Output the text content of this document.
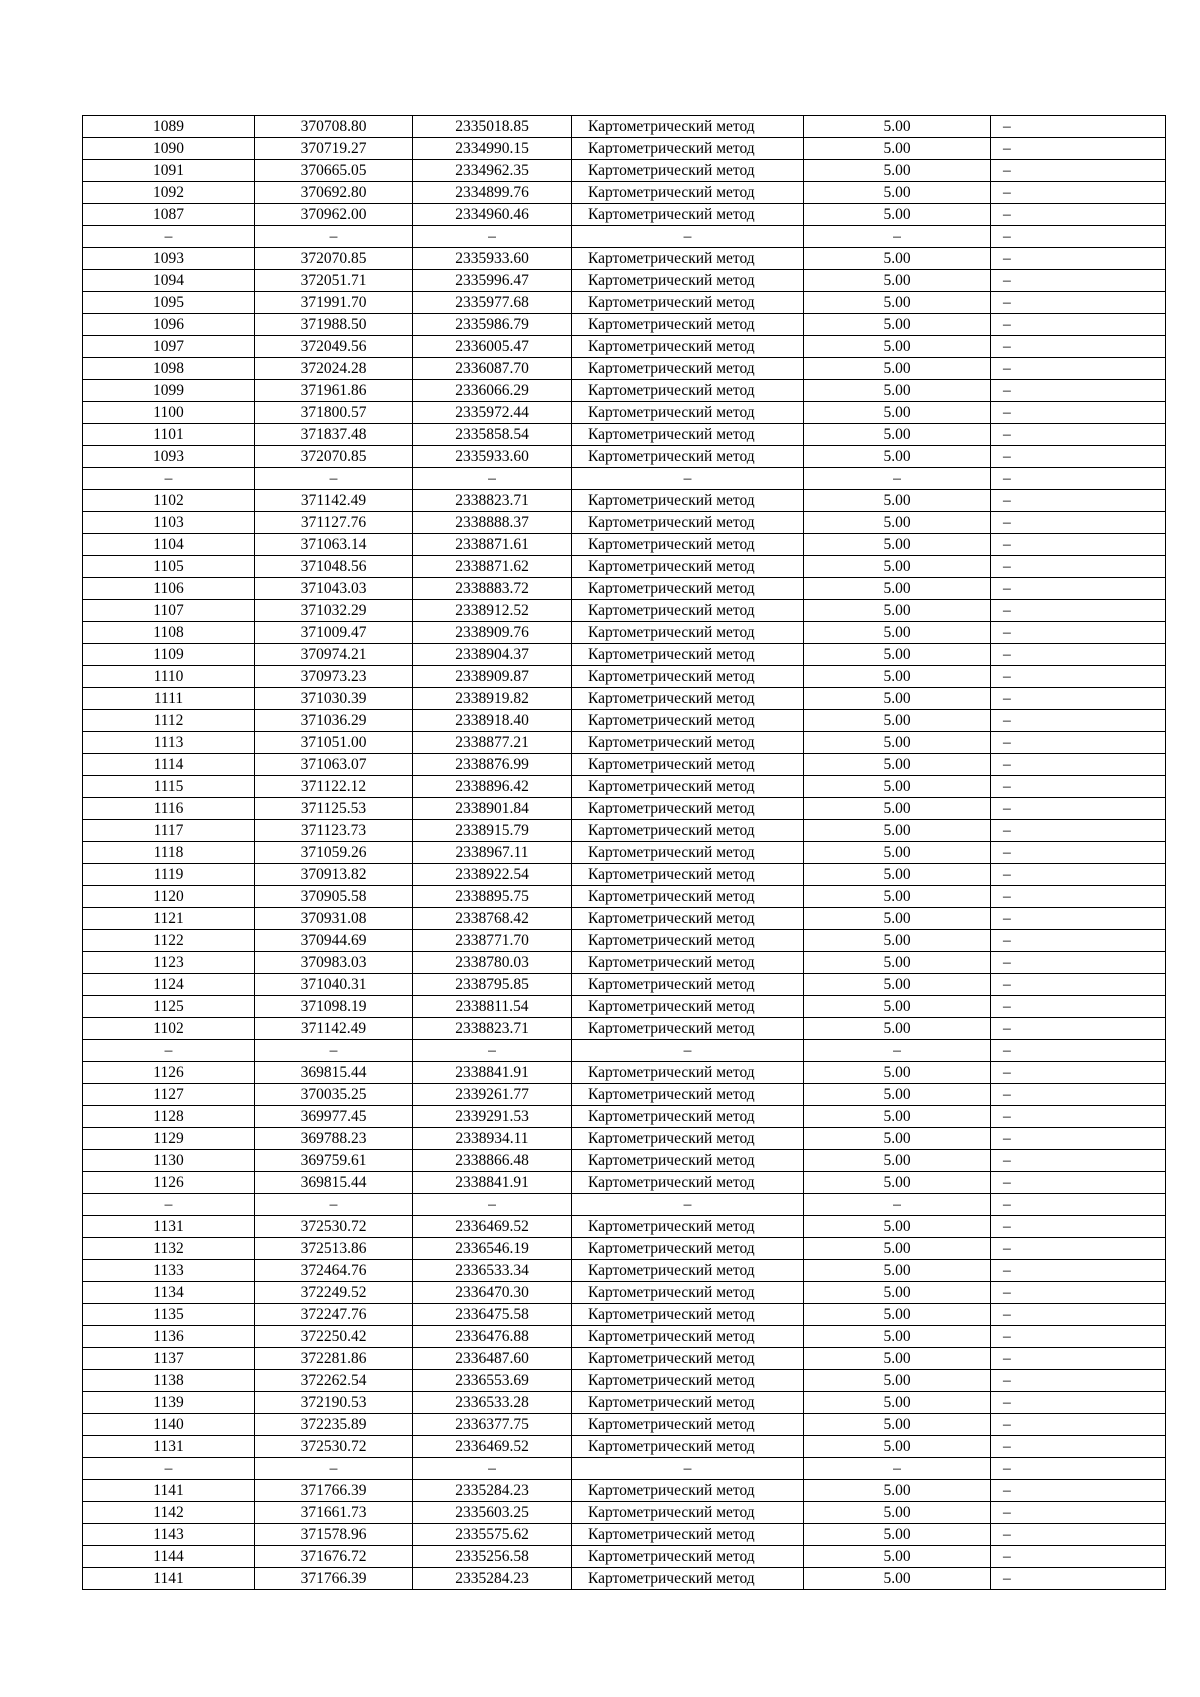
1089	370708.80	2335018.85	Картометрический метод	5.00	–
1090	370719.27	2334990.15	Картометрический метод	5.00	–
1091	370665.05	2334962.35	Картометрический метод	5.00	–
1092	370692.80	2334899.76	Картометрический метод	5.00	–
1087	370962.00	2334960.46	Картометрический метод	5.00	–
–	–	–	–	–	–
1093	372070.85	2335933.60	Картометрический метод	5.00	–
1094	372051.71	2335996.47	Картометрический метод	5.00	–
1095	371991.70	2335977.68	Картометрический метод	5.00	–
1096	371988.50	2335986.79	Картометрический метод	5.00	–
1097	372049.56	2336005.47	Картометрический метод	5.00	–
1098	372024.28	2336087.70	Картометрический метод	5.00	–
1099	371961.86	2336066.29	Картометрический метод	5.00	–
1100	371800.57	2335972.44	Картометрический метод	5.00	–
1101	371837.48	2335858.54	Картометрический метод	5.00	–
1093	372070.85	2335933.60	Картометрический метод	5.00	–
–	–	–	–	–	–
1102	371142.49	2338823.71	Картометрический метод	5.00	–
1103	371127.76	2338888.37	Картометрический метод	5.00	–
1104	371063.14	2338871.61	Картометрический метод	5.00	–
1105	371048.56	2338871.62	Картометрический метод	5.00	–
1106	371043.03	2338883.72	Картометрический метод	5.00	–
1107	371032.29	2338912.52	Картометрический метод	5.00	–
1108	371009.47	2338909.76	Картометрический метод	5.00	–
1109	370974.21	2338904.37	Картометрический метод	5.00	–
1110	370973.23	2338909.87	Картометрический метод	5.00	–
1111	371030.39	2338919.82	Картометрический метод	5.00	–
1112	371036.29	2338918.40	Картометрический метод	5.00	–
1113	371051.00	2338877.21	Картометрический метод	5.00	–
1114	371063.07	2338876.99	Картометрический метод	5.00	–
1115	371122.12	2338896.42	Картометрический метод	5.00	–
1116	371125.53	2338901.84	Картометрический метод	5.00	–
1117	371123.73	2338915.79	Картометрический метод	5.00	–
1118	371059.26	2338967.11	Картометрический метод	5.00	–
1119	370913.82	2338922.54	Картометрический метод	5.00	–
1120	370905.58	2338895.75	Картометрический метод	5.00	–
1121	370931.08	2338768.42	Картометрический метод	5.00	–
1122	370944.69	2338771.70	Картометрический метод	5.00	–
1123	370983.03	2338780.03	Картометрический метод	5.00	–
1124	371040.31	2338795.85	Картометрический метод	5.00	–
1125	371098.19	2338811.54	Картометрический метод	5.00	–
1102	371142.49	2338823.71	Картометрический метод	5.00	–
–	–	–	–	–	–
1126	369815.44	2338841.91	Картометрический метод	5.00	–
1127	370035.25	2339261.77	Картометрический метод	5.00	–
1128	369977.45	2339291.53	Картометрический метод	5.00	–
1129	369788.23	2338934.11	Картометрический метод	5.00	–
1130	369759.61	2338866.48	Картометрический метод	5.00	–
1126	369815.44	2338841.91	Картометрический метод	5.00	–
–	–	–	–	–	–
1131	372530.72	2336469.52	Картометрический метод	5.00	–
1132	372513.86	2336546.19	Картометрический метод	5.00	–
1133	372464.76	2336533.34	Картометрический метод	5.00	–
1134	372249.52	2336470.30	Картометрический метод	5.00	–
1135	372247.76	2336475.58	Картометрический метод	5.00	–
1136	372250.42	2336476.88	Картометрический метод	5.00	–
1137	372281.86	2336487.60	Картометрический метод	5.00	–
1138	372262.54	2336553.69	Картометрический метод	5.00	–
1139	372190.53	2336533.28	Картометрический метод	5.00	–
1140	372235.89	2336377.75	Картометрический метод	5.00	–
1131	372530.72	2336469.52	Картометрический метод	5.00	–
–	–	–	–	–	–
1141	371766.39	2335284.23	Картометрический метод	5.00	–
1142	371661.73	2335603.25	Картометрический метод	5.00	–
1143	371578.96	2335575.62	Картометрический метод	5.00	–
1144	371676.72	2335256.58	Картометрический метод	5.00	–
1141	371766.39	2335284.23	Картометрический метод	5.00	–
